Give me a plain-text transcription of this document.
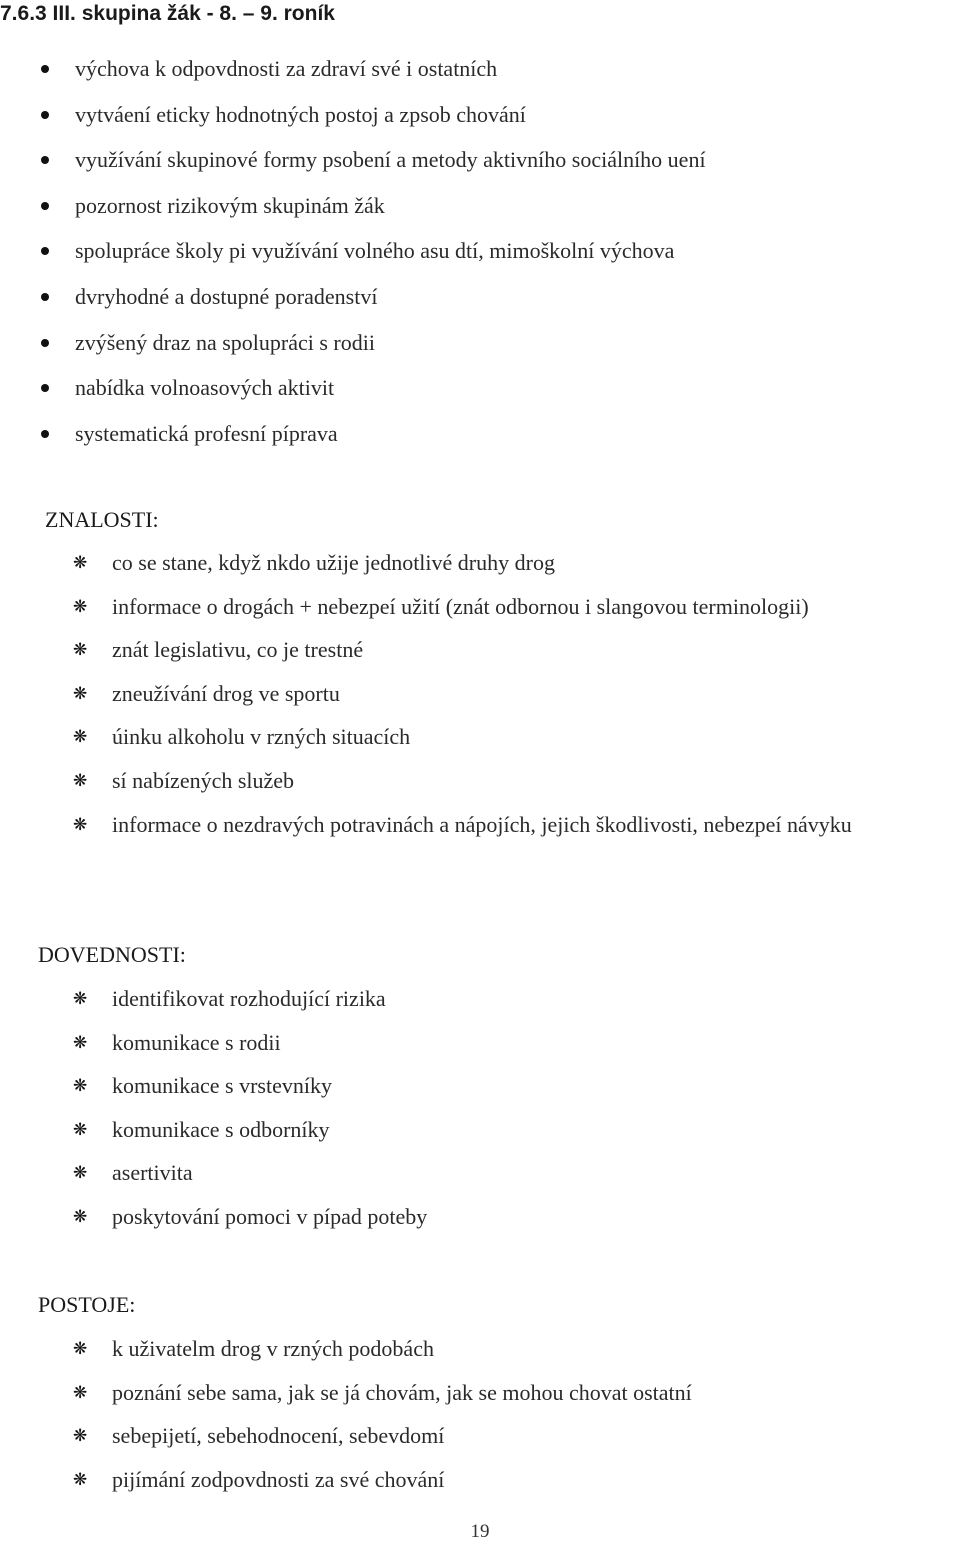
7.6.3 III. skupina žák - 8. – 9. roník
výchova k odpovdnosti za zdraví své i ostatních
vytváení eticky hodnotných postoj a zpsob chování
využívání skupinové formy psobení a metody aktivního sociálního uení
pozornost rizikovým skupinám žák
spolupráce školy pi využívání volného asu dtí, mimoškolní výchova
dvryhodné a dostupné poradenství
zvýšený draz na spolupráci s rodii
nabídka volnoasových aktivit
systematická profesní píprava
ZNALOSTI:
❋ co se stane, když nkdo užije jednotlivé druhy drog
❋ informace o drogách + nebezpeí užití (znát odbornou i slangovou terminologii)
❋ znát legislativu, co je trestné
❋ zneužívání drog ve sportu
❋ úinku alkoholu v rzných situacích
❋ sí nabízených služeb
❋ informace o nezdravých potravinách a nápojích, jejich škodlivosti, nebezpeí návyku
DOVEDNOSTI:
❋ identifikovat rozhodující rizika
❋ komunikace s rodii
❋ komunikace s vrstevníky
❋ komunikace s odborníky
❋ asertivita
❋ poskytování pomoci v pípad poteby
POSTOJE:
❋ k uživatelm drog v rzných podobách
❋ poznání sebe sama, jak se já chovám, jak se mohou chovat ostatní
❋ sebepijetí, sebehodnocení, sebevdomí
❋ pijímání zodpovdnosti za své chování
19
